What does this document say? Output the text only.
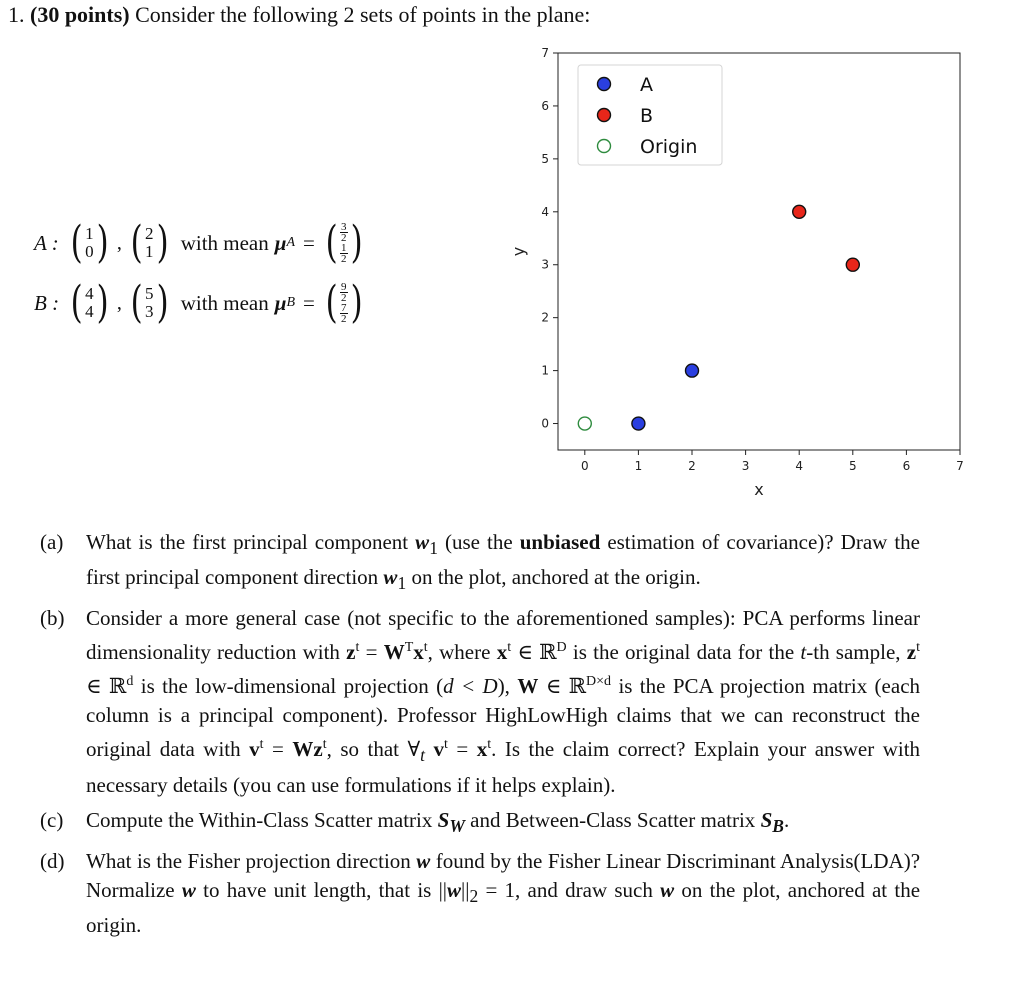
1. (30 points) Consider the following 2 sets of points in the plane:
A : ( 1
0 ) , ( 2
1 ) with mean μ A = ( $\frac{3}{2}$
$\frac{1}{2}$ )
B : ( 4
4 ) , ( 5
3 ) with mean μ B = ( $\frac{9}{2}$
$\frac{7}{2}$ )
0	1	2	3	4	5	6	7
0
1
2
3
4
5
6
7
x
y
A
B
Origin
(a)	What is the first principal component $w_1$ (use the unbiased estimation of covariance)? Draw the first principal component direction $w_1$ on the plot, anchored at the origin.
(b)	Consider a more general case (not specific to the aforementioned samples): PCA performs linear dimensionality reduction with $z^t = W^Tx^t$, where $x^t$ ∈ ℝ$^D$ is the original data for the t-th sample, $z^t$ ∈ ℝ$^d$ is the low-dimensional projection (d < D), W ∈ ℝ$^{D\times d}$ is the PCA projection matrix (each column is a principal component). Professor HighLowHigh claims that we can reconstruct the original data with $v^t = Wz^t$, so that $\forall_t$ $v^t = x^t$. Is the claim correct? Explain your answer with necessary details (you can use formulations if it helps explain).
(c)	Compute the Within-Class Scatter matrix $S_W$ and Between-Class Scatter matrix $S_B$.
(d)	What is the Fisher projection direction w found by the Fisher Linear Discriminant Analysis(LDA)? Normalize w to have unit length, that is $||w||_2 = 1$, and draw such w on the plot, anchored at the origin.
